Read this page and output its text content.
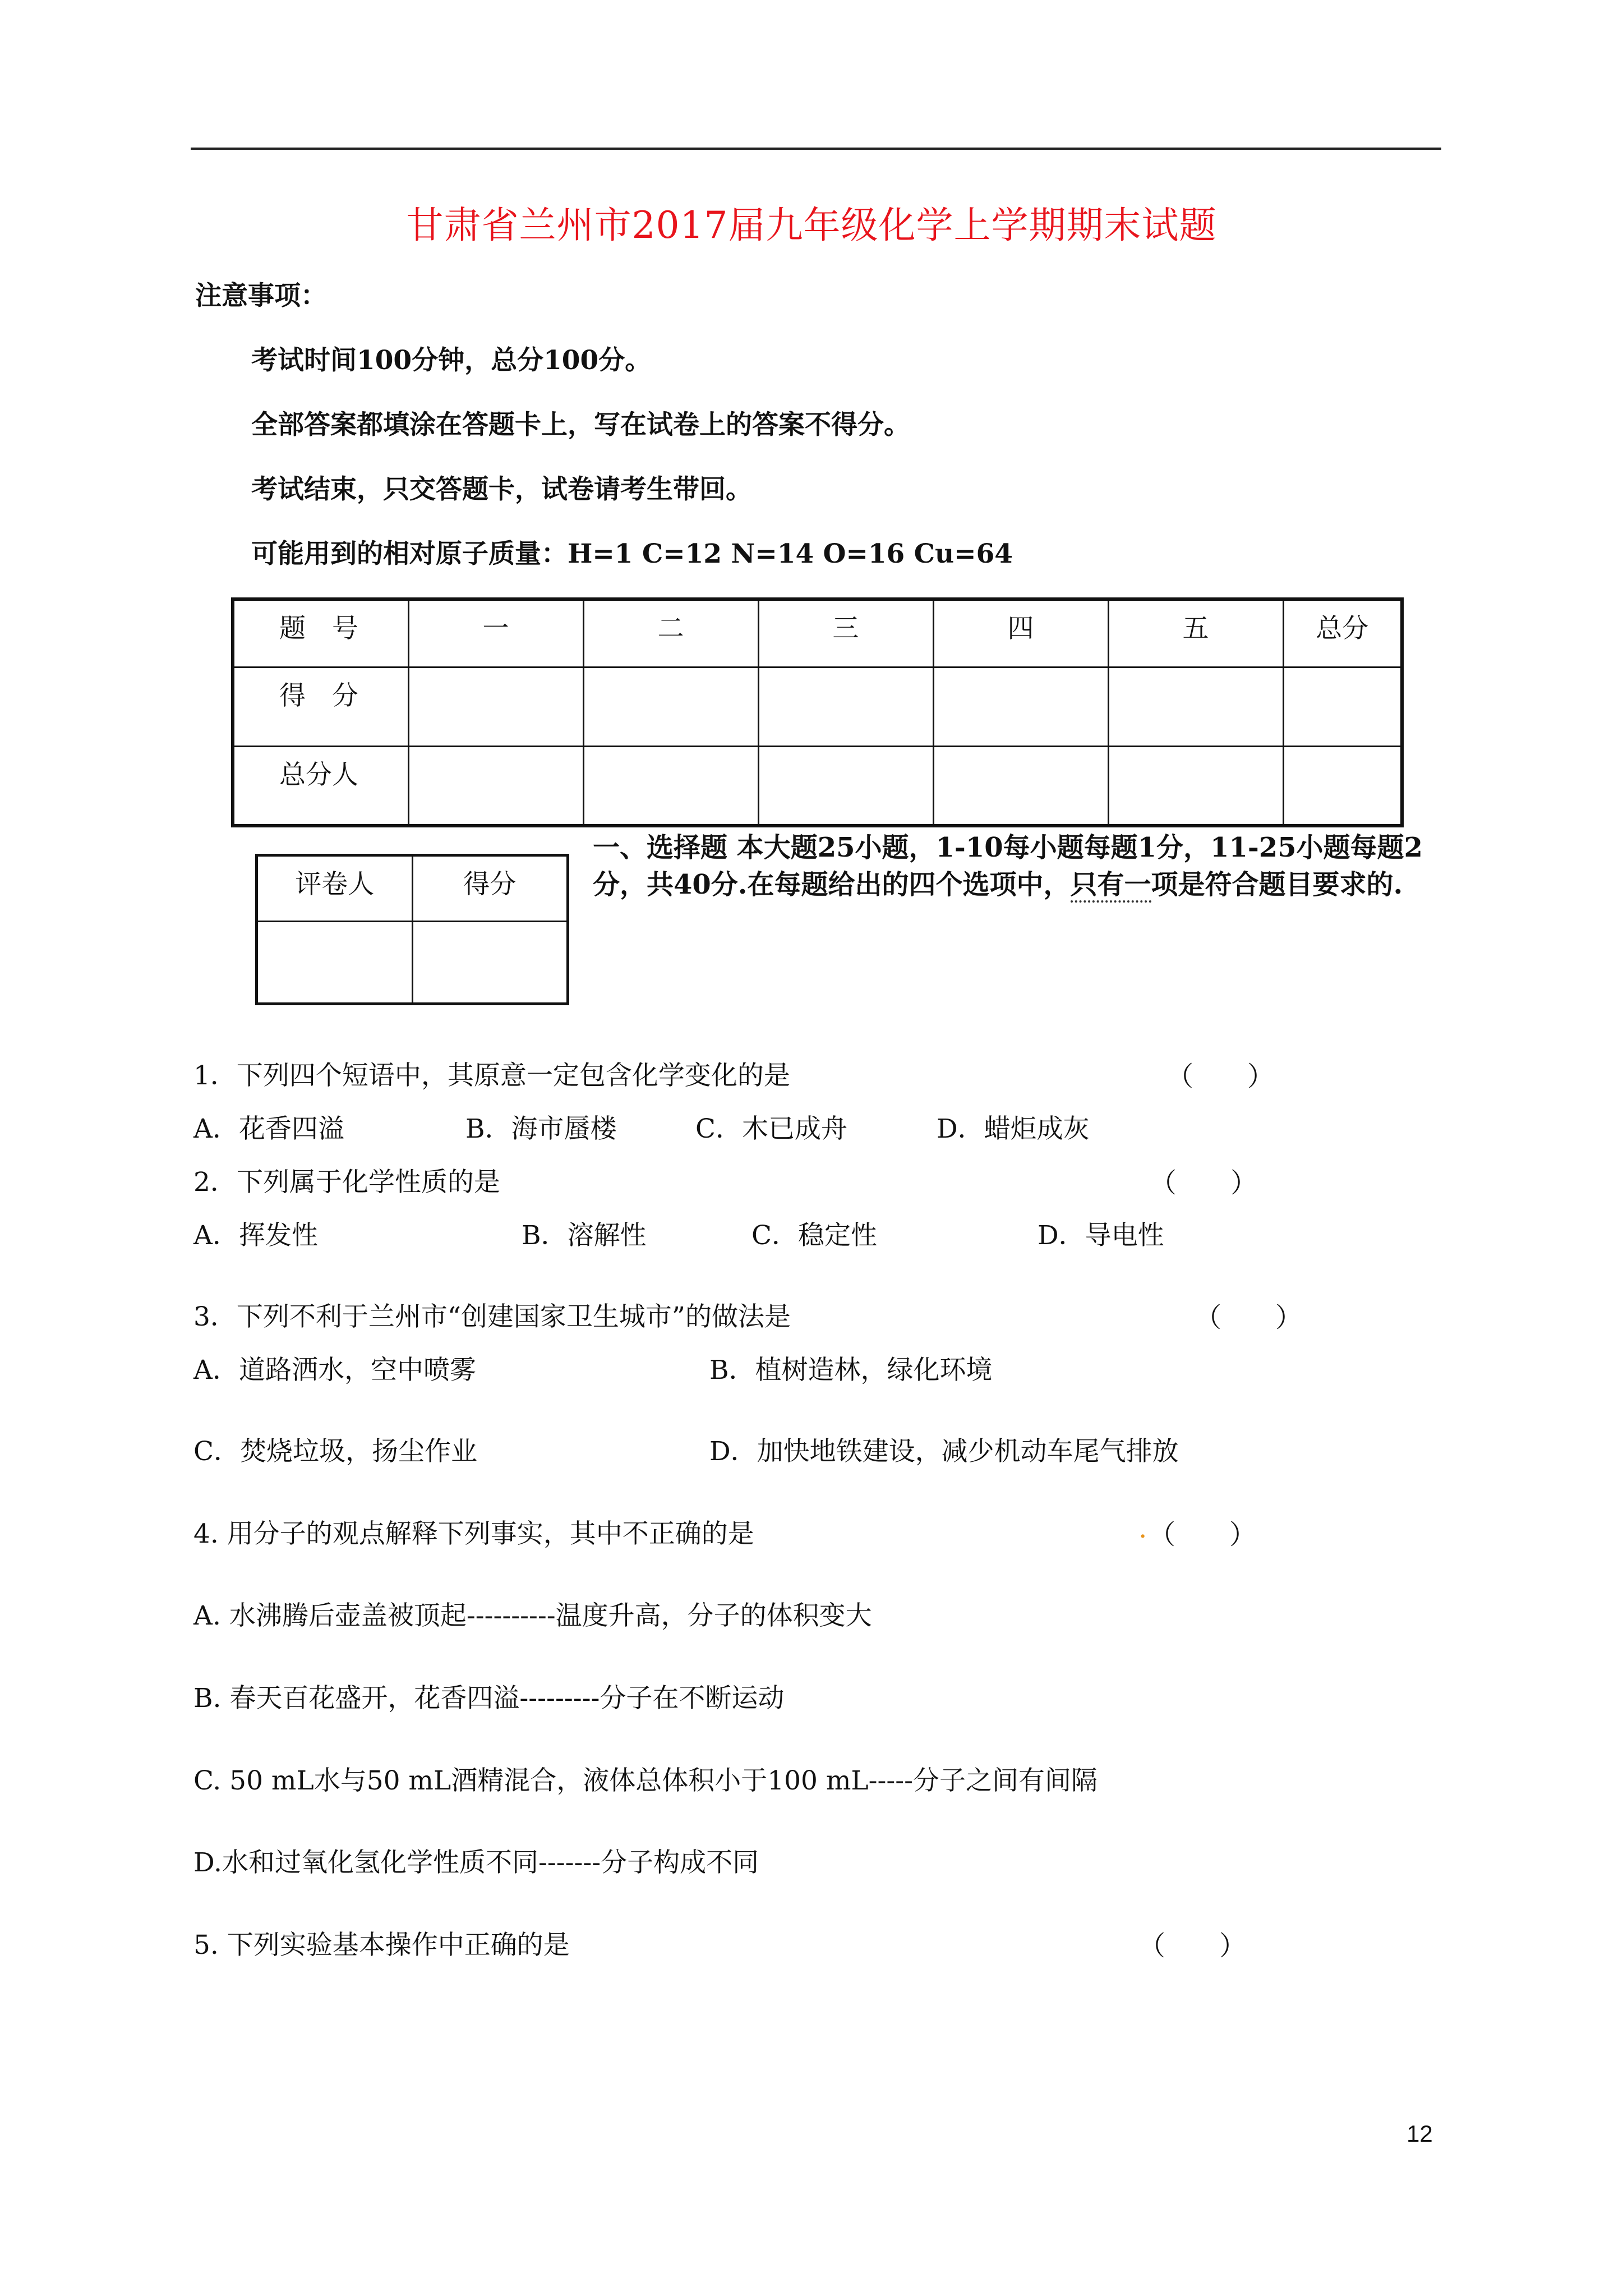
甘肃省兰州市2017届九年级化学上学期期末试题
注意事项：
考试时间100分钟，总分100分。
全部答案都填涂在答题卡上，写在试卷上的答案不得分。
考试结束，只交答题卡，试卷请考生带回。
可能用到的相对原子质量：H=1 C=12 N=14 O=16 Cu=64
题　号	一	二	三	四	五	总分
得　分						
总分人						
评卷人	得分

一、选择题 本大题25小题，1-10每小题每题1分，11-25小题每题2分，共40分.在每题给出的四个选项中，只有一项是符合题目要求的.
1．下列四个短语中，其原意一定包含化学变化的是	（　　）
A．花香四溢	B．海市蜃楼	C．木已成舟	D．蜡炬成灰
2．下列属于化学性质的是	（　　）
A．挥发性	B．溶解性	C．稳定性	D．导电性
3．下列不利于兰州市“创建国家卫生城市”的做法是	（　　）
A．道路洒水，空中喷雾	B．植树造林，绿化环境
C．焚烧垃圾，扬尘作业	D．加快地铁建设，减少机动车尾气排放
4. 用分子的观点解释下列事实，其中不正确的是	. （　　）
A. 水沸腾后壶盖被顶起----------温度升高，分子的体积变大
B. 春天百花盛开，花香四溢---------分子在不断运动
C. 50 mL水与50 mL酒精混合，液体总体积小于100 mL-----分子之间有间隔
D.水和过氧化氢化学性质不同-------分子构成不同
5. 下列实验基本操作中正确的是	（　　）
12
